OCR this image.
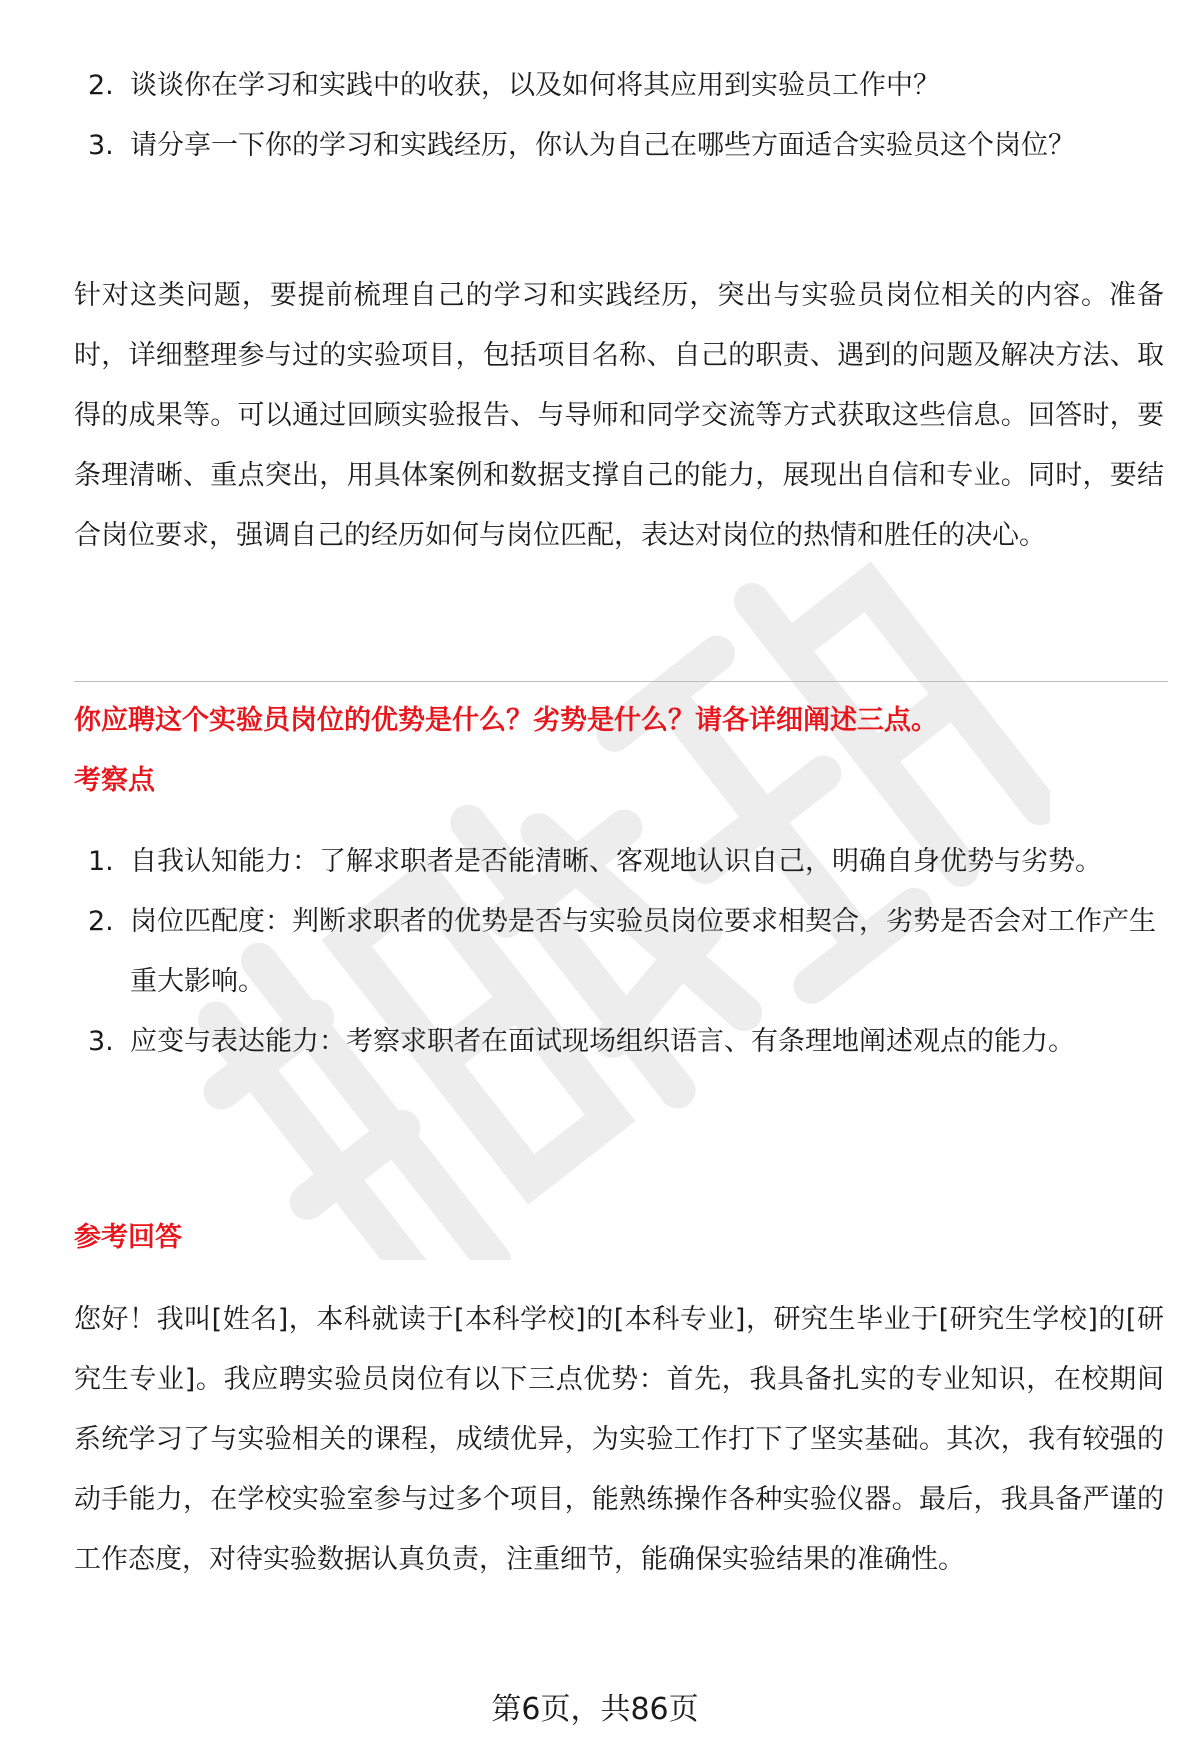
2. 谈谈你在学习和实践中的收获，以及如何将其应用到实验员工作中？
3. 请分享一下你的学习和实践经历，你认为自己在哪些方面适合实验员这个岗位？

针对这类问题，要提前梳理自己的学习和实践经历，突出与实验员岗位相关的内容。准备时，详细整理参与过的实验项目，包括项目名称、自己的职责、遇到的问题及解决方法、取得的成果等。可以通过回顾实验报告、与导师和同学交流等方式获取这些信息。回答时，要条理清晰、重点突出，用具体案例和数据支撑自己的能力，展现出自信和专业。同时，要结合岗位要求，强调自己的经历如何与岗位匹配，表达对岗位的热情和胜任的决心。

你应聘这个实验员岗位的优势是什么？劣势是什么？请各详细阐述三点。
考察点
1. 自我认知能力：了解求职者是否能清晰、客观地认识自己，明确自身优势与劣势。
2. 岗位匹配度：判断求职者的优势是否与实验员岗位要求相契合，劣势是否会对工作产生重大影响。
3. 应变与表达能力：考察求职者在面试现场组织语言、有条理地阐述观点的能力。
参考回答

您好！我叫[姓名]，本科就读于[本科学校]的[本科专业]，研究生毕业于[研究生学校]的[研究生专业]。我应聘实验员岗位有以下三点优势：首先，我具备扎实的专业知识，在校期间系统学习了与实验相关的课程，成绩优异，为实验工作打下了坚实基础。其次，我有较强的动手能力，在学校实验室参与过多个项目，能熟练操作各种实验仪器。最后，我具备严谨的工作态度，对待实验数据认真负责，注重细节，能确保实验结果的准确性。

第6页，共86页
